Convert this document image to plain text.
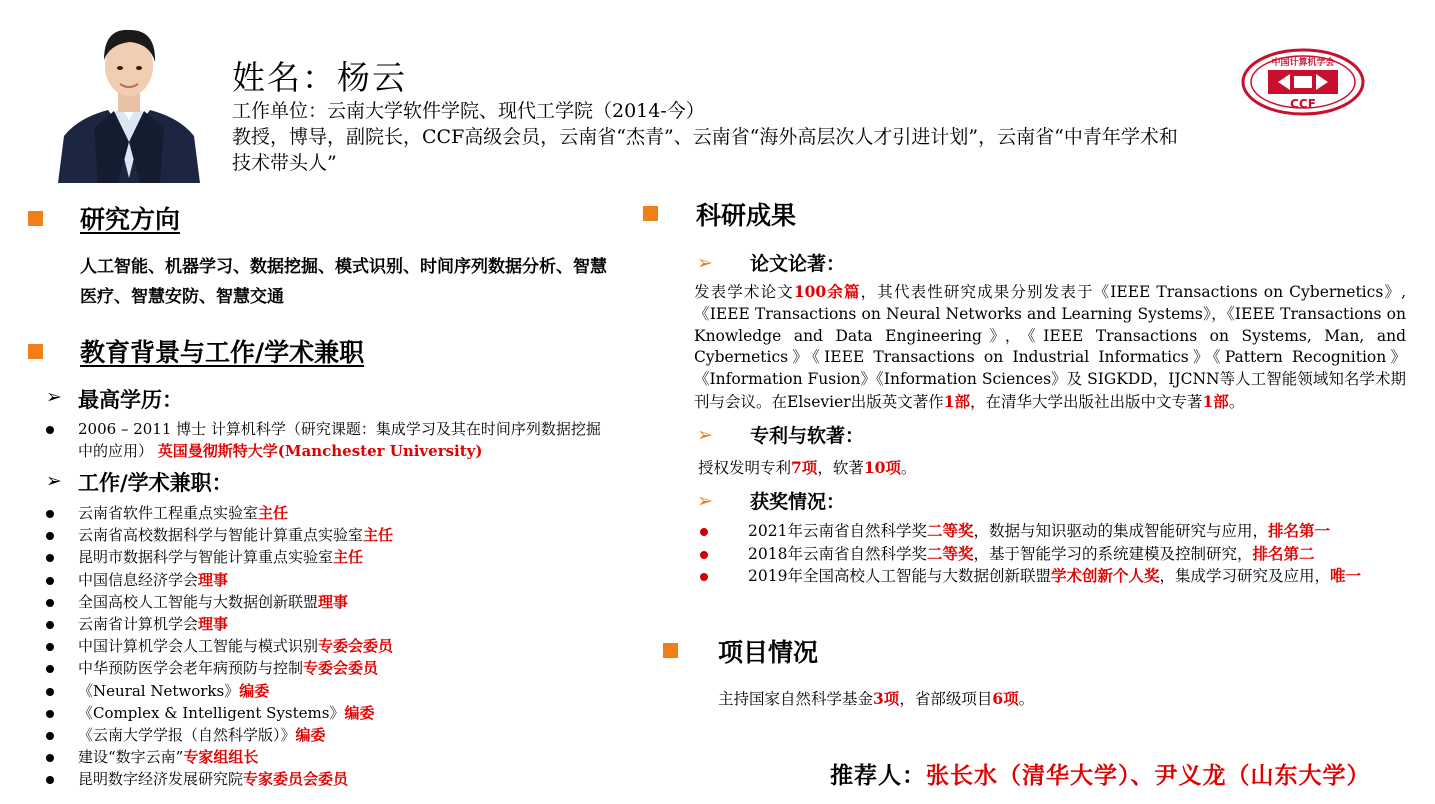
姓名：杨云
工作单位：云南大学软件学院、现代工学院（2014-今）
教授，博导，副院长，CCF高级会员，云南省“杰青”、云南省“海外高层次人才引进计划”，云南省“中青年学术和技术带头人”
中国计算机学会
CCF
研究方向
人工智能、机器学习、数据挖掘、模式识别、时间序列数据分析、智慧医疗、智慧安防、智慧交通
教育背景与工作/学术兼职
➢ 最高学历：
2006 – 2011 博士 计算机科学（研究课题：集成学习及其在时间序列数据挖掘中的应用） 英国曼彻斯特大学(Manchester University)
➢ 工作/学术兼职：
云南省软件工程重点实验室主任
云南省高校数据科学与智能计算重点实验室主任
昆明市数据科学与智能计算重点实验室主任
中国信息经济学会理事
全国高校人工智能与大数据创新联盟理事
云南省计算机学会理事
中国计算机学会人工智能与模式识别专委会委员
中华预防医学会老年病预防与控制专委会委员
《Neural Networks》编委
《Complex & Intelligent Systems》编委
《云南大学学报（自然科学版）》编委
建设“数字云南”专家组组长
昆明数字经济发展研究院专家委员会委员
科研成果
➢ 论文论著：
发表学术论文100余篇，其代表性研究成果分别发表于《IEEE Transactions on Cybernetics》,《IEEE Transactions on Neural Networks and Learning Systems》，《IEEE Transactions on Knowledge and Data Engineering》，《IEEE Transactions on Systems, Man, and Cybernetics》《IEEE Transactions on Industrial Informatics》《Pattern Recognition》《Information Fusion》《Information Sciences》及 SIGKDD，IJCNN等人工智能领域知名学术期刊与会议。在Elsevier出版英文著作1部，在清华大学出版社出版中文专著1部。
➢ 专利与软著：
授权发明专利7项，软著10项。
➢ 获奖情况：
2021年云南省自然科学奖二等奖，数据与知识驱动的集成智能研究与应用，排名第一
2018年云南省自然科学奖二等奖，基于智能学习的系统建模及控制研究，排名第二
2019年全国高校人工智能与大数据创新联盟学术创新个人奖，集成学习研究及应用，唯一
项目情况
主持国家自然科学基金3项，省部级项目6项。
推荐人：张长水（清华大学）、尹义龙（山东大学）
